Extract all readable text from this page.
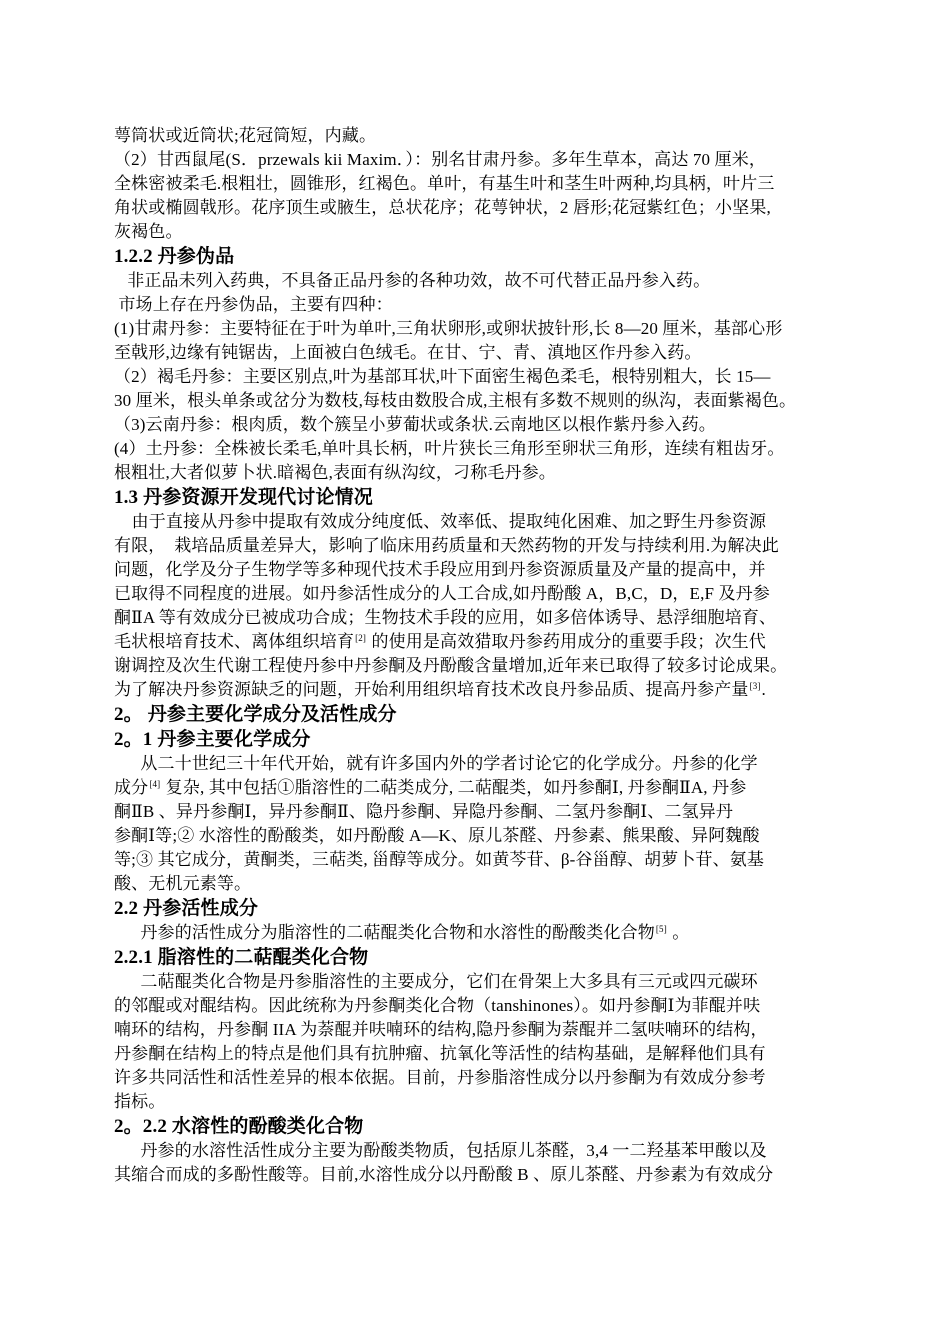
萼筒状或近筒状;花冠筒短，内藏。
（2）甘西鼠尾(S．przewals kii Maxim．）：别名甘肃丹参。多年生草本，高达 70 厘米，
全株密被柔毛.根粗壮，圆锥形，红褐色。单叶，有基生叶和茎生叶两种,均具柄，叶片三
角状或椭圆戟形。花序顶生或腋生，总状花序；花萼钟状，2 唇形;花冠紫红色；小坚果,
灰褐色。
1.2.2 丹参伪品
非正品未列入药典，不具备正品丹参的各种功效，故不可代替正品丹参入药。
市场上存在丹参伪品，主要有四种：
(1)甘肃丹参：主要特征在于叶为单叶,三角状卵形,或卵状披针形,长 8—20 厘米，基部心形
至戟形,边缘有钝锯齿，上面被白色绒毛。在甘、宁、青、滇地区作丹参入药。
（2）褐毛丹参：主要区别点,叶为基部耳状,叶下面密生褐色柔毛，根特别粗大，长 15—
30 厘米，根头单条或岔分为数枝,每枝由数股合成,主根有多数不规则的纵沟，表面紫褐色。
（3)云南丹参：根肉质，数个簇呈小萝葡状或条状.云南地区以根作紫丹参入药。
(4）土丹参：全株被长柔毛,单叶具长柄，叶片狭长三角形至卵状三角形，连续有粗齿牙。
根粗壮,大者似萝卜状.暗褐色,表面有纵沟纹，刁称毛丹参。
1.3 丹参资源开发现代讨论情况
由于直接从丹参中提取有效成分纯度低、效率低、提取纯化困难、加之野生丹参资源
有限，  栽培品质量差异大，影响了临床用药质量和天然药物的开发与持续利用.为解决此
问题，化学及分子生物学等多种现代技术手段应用到丹参资源质量及产量的提高中，并
已取得不同程度的进展。如丹参活性成分的人工合成,如丹酚酸 A，B,C，D，E,F 及丹参
酮ⅡA 等有效成分已被成功合成；生物技术手段的应用，如多倍体诱导、悬浮细胞培育、
毛状根培育技术、离体组织培育[2] 的使用是高效猎取丹参药用成分的重要手段；次生代
谢调控及次生代谢工程使丹参中丹参酮及丹酚酸含量增加,近年来已取得了较多讨论成果。
为了解决丹参资源缺乏的问题，开始利用组织培育技术改良丹参品质、提高丹参产量[3].
2。 丹参主要化学成分及活性成分
2。1 丹参主要化学成分
从二十世纪三十年代开始，就有许多国内外的学者讨论它的化学成分。丹参的化学
成分[4] 复杂, 其中包括①脂溶性的二萜类成分, 二萜醌类，如丹参酮Ⅰ, 丹参酮ⅡA, 丹参
酮ⅡB 、异丹参酮Ⅰ，异丹参酮Ⅱ、隐丹参酮、异隐丹参酮、二氢丹参酮Ⅰ、二氢异丹
参酮Ⅰ等;② 水溶性的酚酸类，如丹酚酸 A—K、原儿茶醛、丹参素、熊果酸、异阿魏酸
等;③ 其它成分，黄酮类，三萜类, 甾醇等成分。如黄芩苷、β-谷甾醇、胡萝卜苷、氨基
酸、无机元素等。
2.2 丹参活性成分
丹参的活性成分为脂溶性的二萜醌类化合物和水溶性的酚酸类化合物[5] 。
2.2.1 脂溶性的二萜醌类化合物
二萜醌类化合物是丹参脂溶性的主要成分，它们在骨架上大多具有三元或四元碳环
的邻醌或对醌结构。因此统称为丹参酮类化合物（tanshinones）。如丹参酮Ⅰ为菲醌并呋
喃环的结构，丹参酮 IIA 为萘醌并呋喃环的结构,隐丹参酮为萘醌并二氢呋喃环的结构，
丹参酮在结构上的特点是他们具有抗肿瘤、抗氧化等活性的结构基础，是解释他们具有
许多共同活性和活性差异的根本依据。目前，丹参脂溶性成分以丹参酮为有效成分参考
指标。
2。2.2 水溶性的酚酸类化合物
丹参的水溶性活性成分主要为酚酸类物质，包括原儿茶醛，3,4 一二羟基苯甲酸以及
其缩合而成的多酚性酸等。目前,水溶性成分以丹酚酸 B 、原儿茶醛、丹参素为有效成分
